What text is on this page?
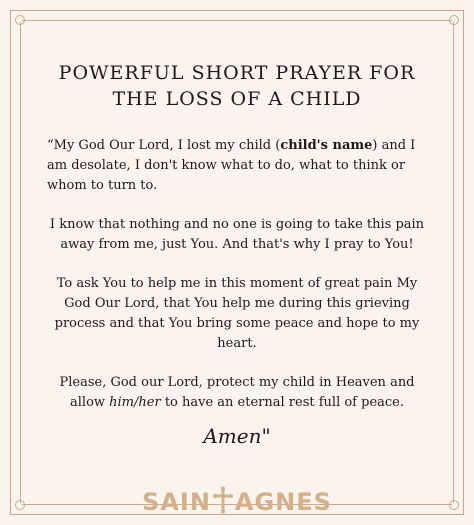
POWERFUL SHORT PRAYER FOR
THE LOSS OF A CHILD

“My God Our Lord, I lost my child (child's name) and I am desolate, I don't know what to do, what to think or whom to turn to.

I know that nothing and no one is going to take this pain away from me, just You. And that's why I pray to You!

To ask You to help me in this moment of great pain My God Our Lord, that You help me during this grieving process and that You bring some peace and hope to my heart.

Please, God our Lord, protect my child in Heaven and allow him/her to have an eternal rest full of peace.

Amen"
SAIN AGNES
